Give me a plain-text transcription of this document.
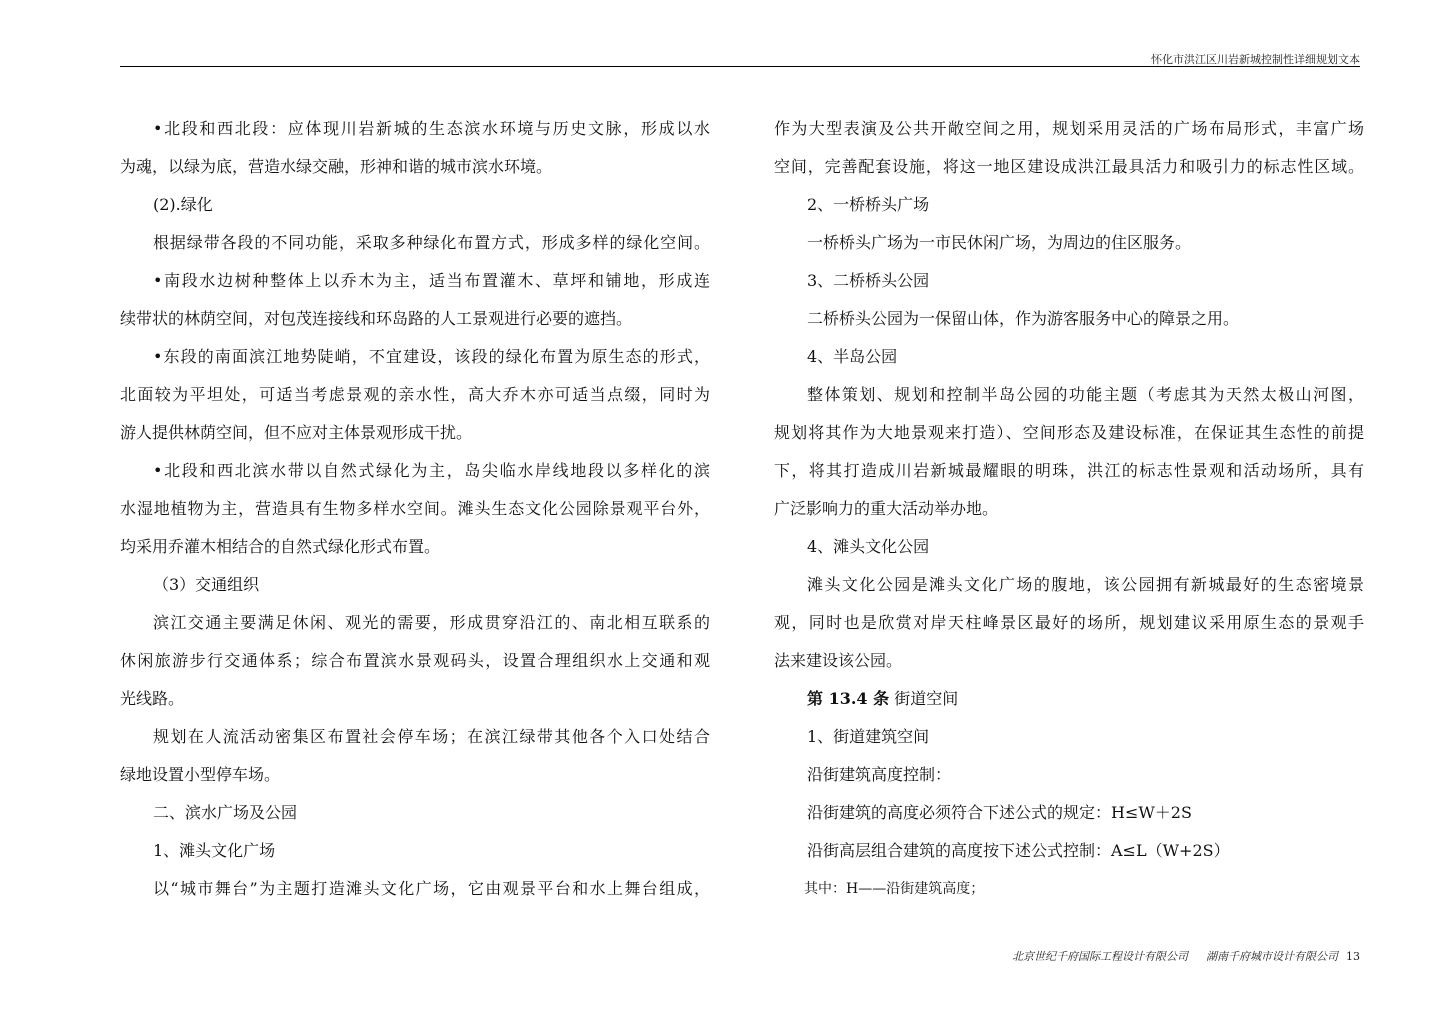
怀化市洪江区川岩新城控制性详细规划文本
•北段和西北段：应体现川岩新城的生态滨水环境与历史文脉，形成以水
为魂，以绿为底，营造水绿交融，形神和谐的城市滨水环境。
(2).绿化
根据绿带各段的不同功能，采取多种绿化布置方式，形成多样的绿化空间。
•南段水边树种整体上以乔木为主，适当布置灌木、草坪和铺地，形成连
续带状的林荫空间，对包茂连接线和环岛路的人工景观进行必要的遮挡。
•东段的南面滨江地势陡峭，不宜建设，该段的绿化布置为原生态的形式，
北面较为平坦处，可适当考虑景观的亲水性，高大乔木亦可适当点缀，同时为
游人提供林荫空间，但不应对主体景观形成干扰。
•北段和西北滨水带以自然式绿化为主，岛尖临水岸线地段以多样化的滨
水湿地植物为主，营造具有生物多样水空间。滩头生态文化公园除景观平台外，
均采用乔灌木相结合的自然式绿化形式布置。
（3）交通组织
滨江交通主要满足休闲、观光的需要，形成贯穿沿江的、南北相互联系的
休闲旅游步行交通体系；综合布置滨水景观码头，设置合理组织水上交通和观
光线路。
规划在人流活动密集区布置社会停车场；在滨江绿带其他各个入口处结合
绿地设置小型停车场。
二、滨水广场及公园
1、滩头文化广场
以“城市舞台”为主题打造滩头文化广场，它由观景平台和水上舞台组成，
作为大型表演及公共开敞空间之用，规划采用灵活的广场布局形式，丰富广场
空间，完善配套设施，将这一地区建设成洪江最具活力和吸引力的标志性区域。
2、一桥桥头广场
一桥桥头广场为一市民休闲广场，为周边的住区服务。
3、二桥桥头公园
二桥桥头公园为一保留山体，作为游客服务中心的障景之用。
4、半岛公园
整体策划、规划和控制半岛公园的功能主题（考虑其为天然太极山河图，
规划将其作为大地景观来打造）、空间形态及建设标准，在保证其生态性的前提
下，将其打造成川岩新城最耀眼的明珠，洪江的标志性景观和活动场所，具有
广泛影响力的重大活动举办地。
4、滩头文化公园
滩头文化公园是滩头文化广场的腹地，该公园拥有新城最好的生态密境景
观，同时也是欣赏对岸天柱峰景区最好的场所，规划建议采用原生态的景观手
法来建设该公园。
第 13.4 条 街道空间
1、街道建筑空间
沿街建筑高度控制：
沿街建筑的高度必须符合下述公式的规定：H≤W＋2S
沿街高层组合建筑的高度按下述公式控制：A≤L（W+2S）
其中：H——沿街建筑高度；
北京世纪千府国际工程设计有限公司 湖南千府城市设计有限公司 13
